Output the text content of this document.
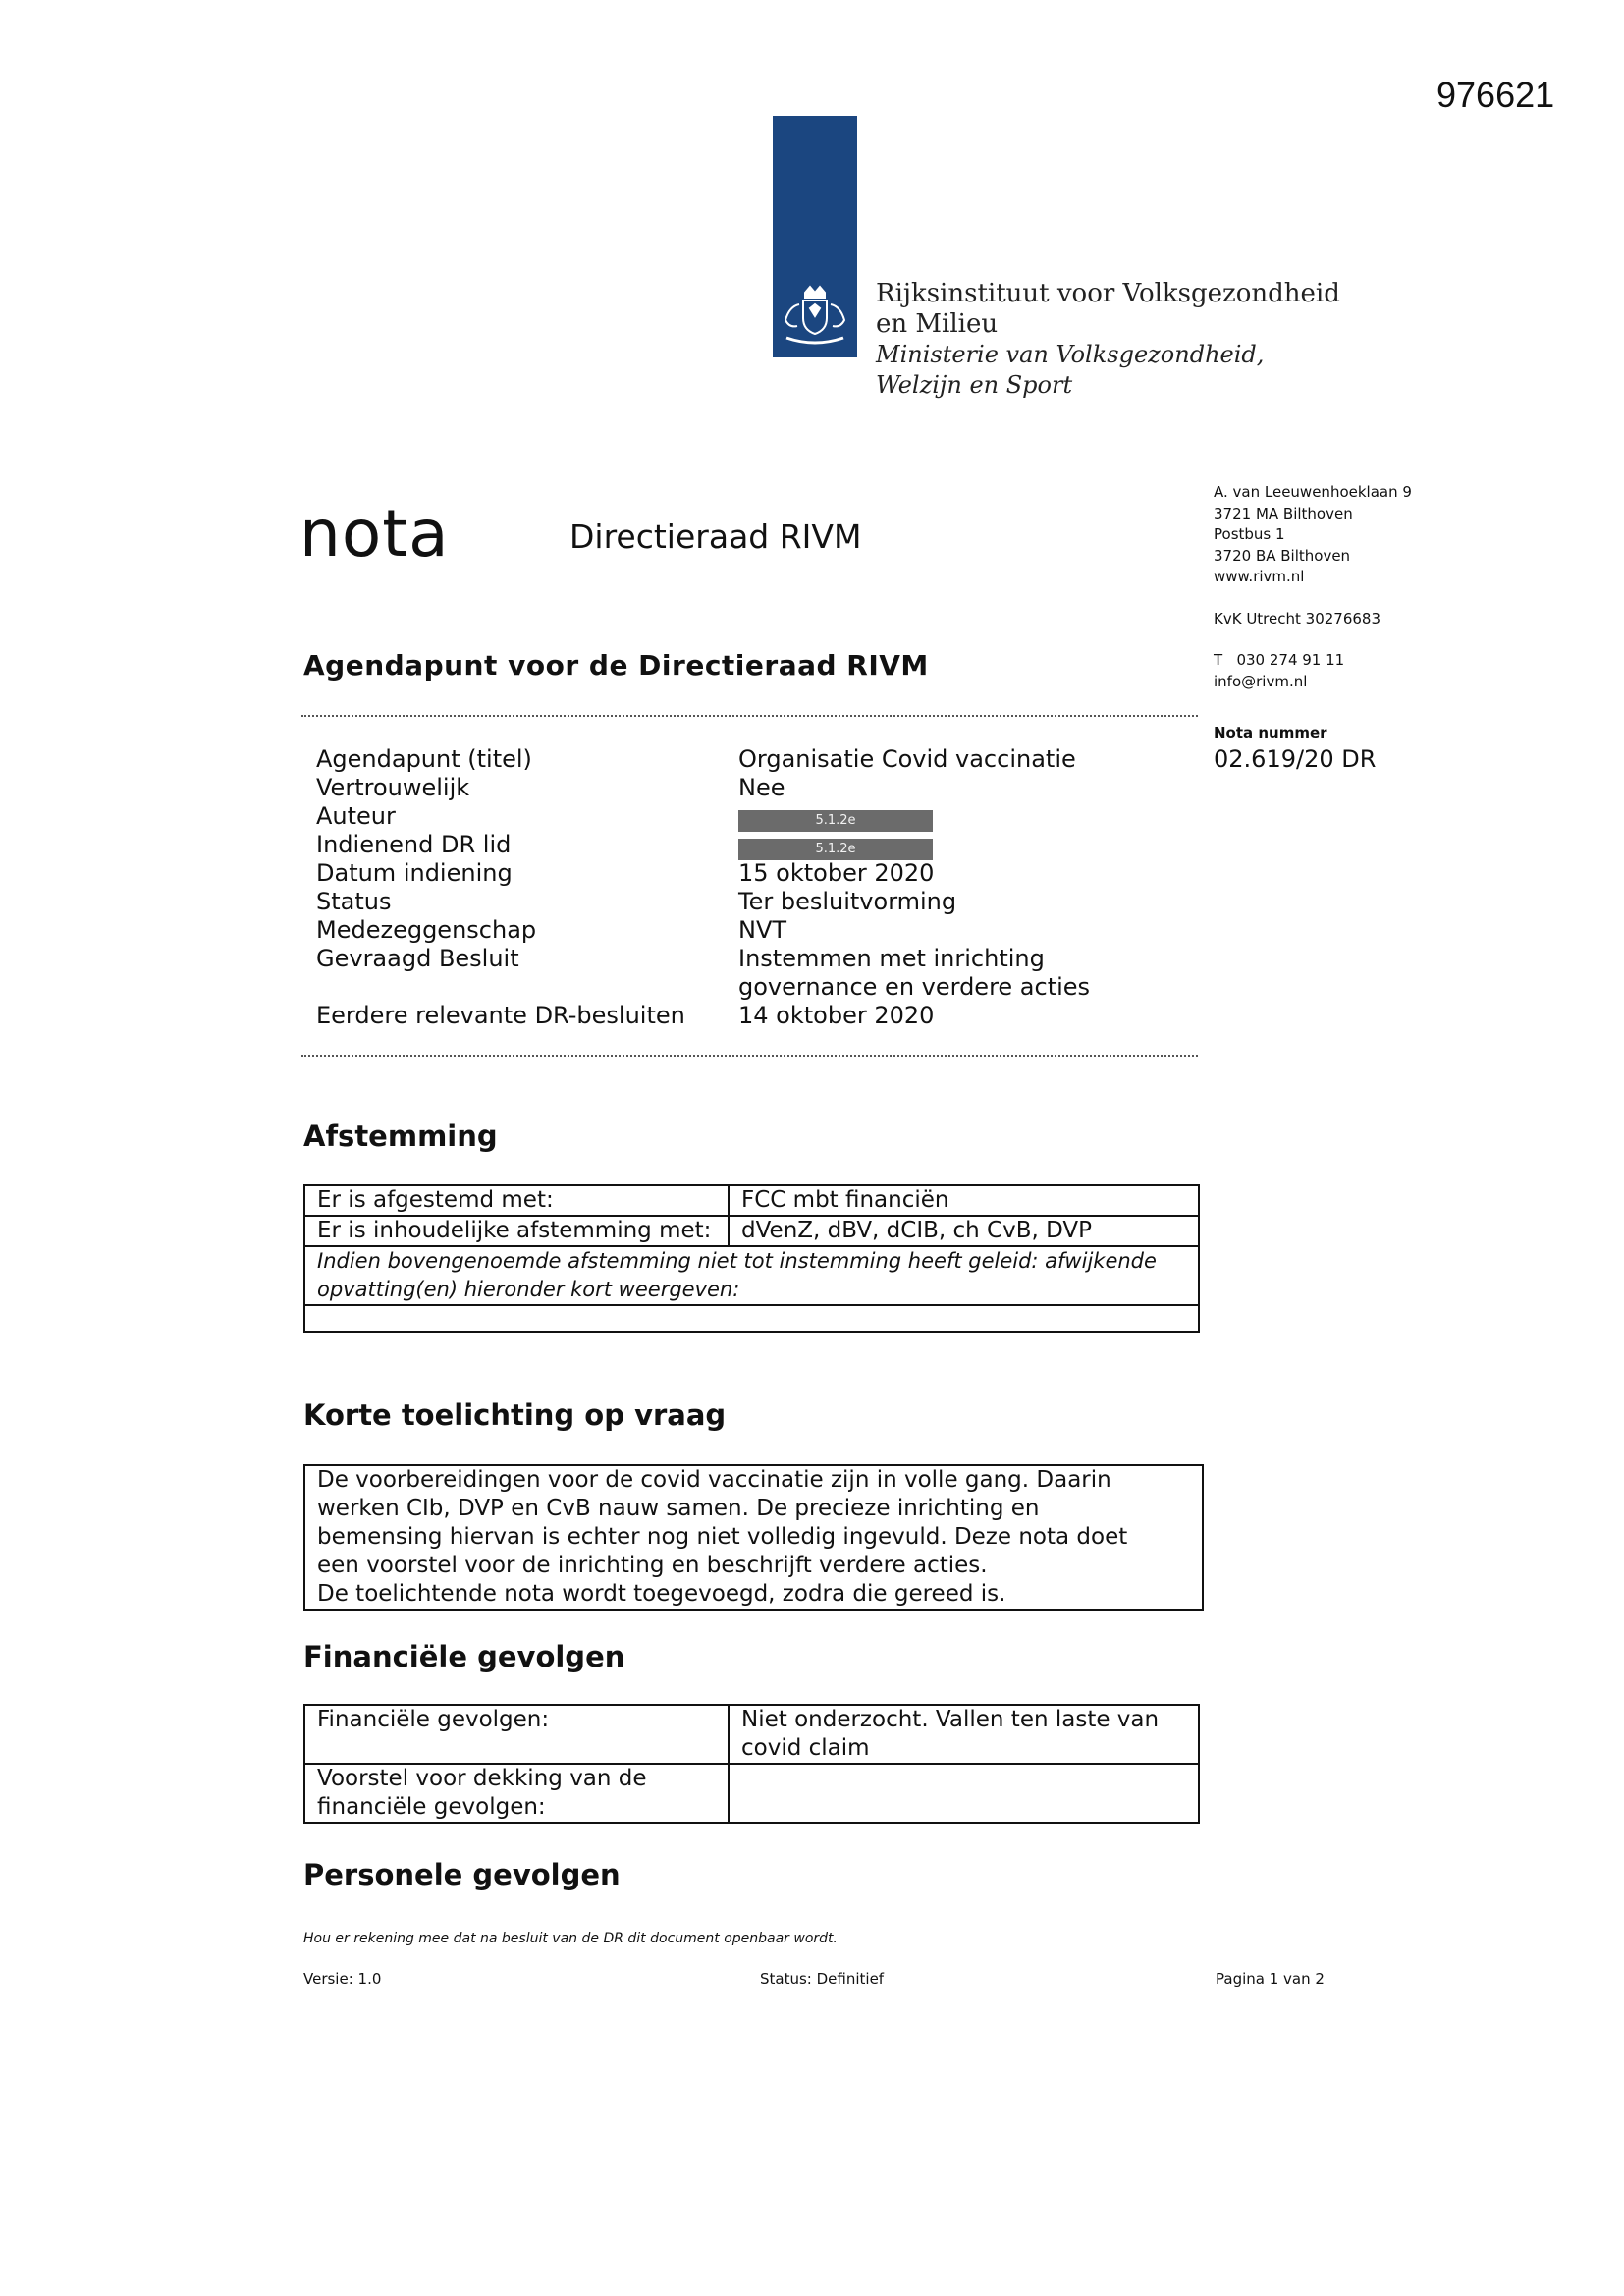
976621
Rijksinstituut voor Volksgezondheid
en Milieu
Ministerie van Volksgezondheid,
Welzijn en Sport
nota	Directieraad RIVM
A. van Leeuwenhoeklaan 9
3721 MA Bilthoven
Postbus 1
3720 BA Bilthoven
www.rivm.nl
KvK Utrecht 30276683
T   030 274 91 11
info@rivm.nl
Nota nummer
02.619/20 DR
Agendapunt voor de Directieraad RIVM
Agendapunt (titel)	Organisatie Covid vaccinatie
Vertrouwelijk	Nee
Auteur	5.1.2e
Indienend DR lid	5.1.2e
Datum indiening	15 oktober 2020
Status	Ter besluitvorming
Medezeggenschap	NVT
Gevraagd Besluit	Instemmen met inrichting
governance en verdere acties
Eerdere relevante DR-besluiten 14 oktober 2020
Afstemming
Er is afgestemd met:	FCC mbt financiën
Er is inhoudelijke afstemming met:	dVenZ, dBV, dCIB, ch CvB, DVP
Indien bovengenoemde afstemming niet tot instemming heeft geleid: afwijkende opvatting(en) hieronder kort weergeven:	

Korte toelichting op vraag
De voorbereidingen voor de covid vaccinatie zijn in volle gang. Daarin
werken CIb, DVP en CvB nauw samen. De precieze inrichting en
bemensing hiervan is echter nog niet volledig ingevuld. Deze nota doet
een voorstel voor de inrichting en beschrijft verdere acties.
De toelichtende nota wordt toegevoegd, zodra die gereed is.
Financiële gevolgen
Financiële gevolgen:	Niet onderzocht. Vallen ten laste van covid claim
Voorstel voor dekking van de financiële gevolgen:	
Personele gevolgen
Hou er rekening mee dat na besluit van de DR dit document openbaar wordt.
Versie: 1.0	Status: Definitief	Pagina 1 van 2
